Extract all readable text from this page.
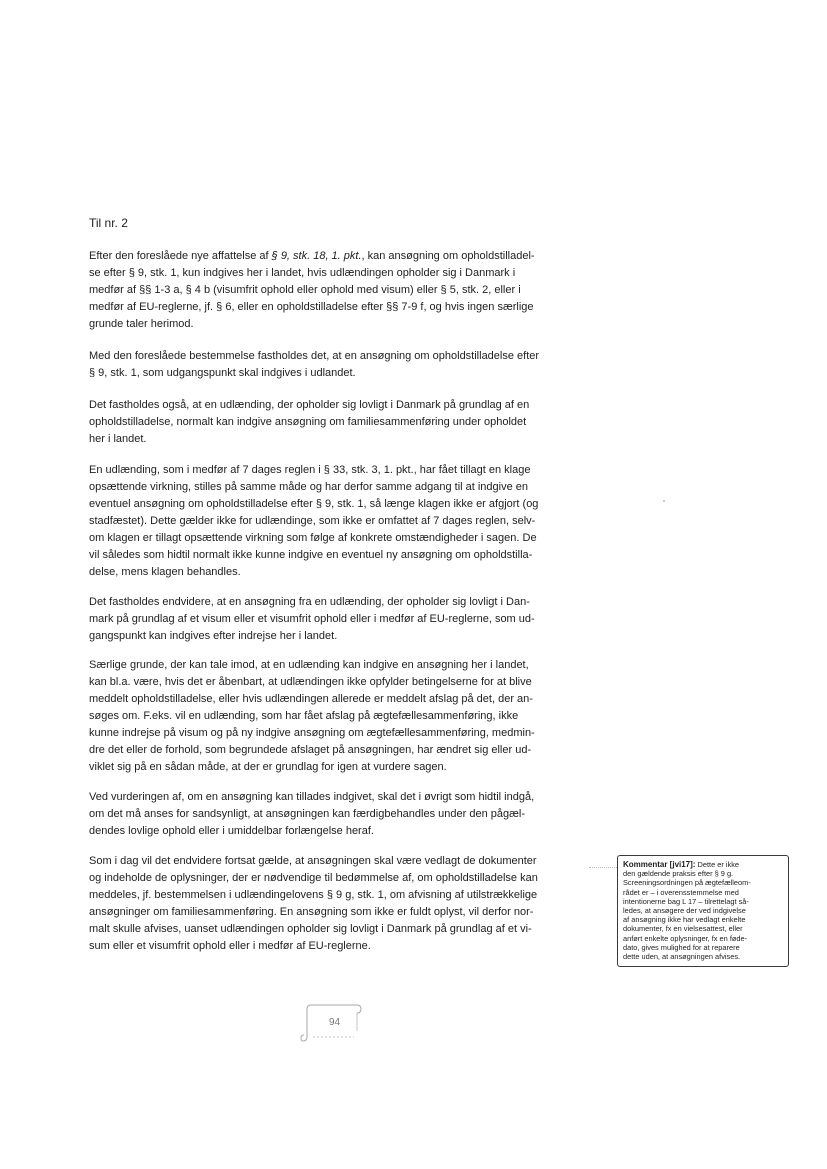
Til nr. 2

Efter den foreslåede nye affattelse af § 9, stk. 18, 1. pkt., kan ansøgning om opholdstilladel-
se efter § 9, stk. 1, kun indgives her i landet, hvis udlændingen opholder sig i Danmark i
medfør af §§ 1-3 a, § 4 b (visumfrit ophold eller ophold med visum) eller § 5, stk. 2, eller i
medfør af EU-reglerne, jf. § 6, eller en opholdstilladelse efter §§ 7-9 f, og hvis ingen særlige
grunde taler herimod.

Med den foreslåede bestemmelse fastholdes det, at en ansøgning om opholdstilladelse efter
§ 9, stk. 1, som udgangspunkt skal indgives i udlandet.

Det fastholdes også, at en udlænding, der opholder sig lovligt i Danmark på grundlag af en
opholdstilladelse, normalt kan indgive ansøgning om familiesammenføring under opholdet
her i landet.

En udlænding, som i medfør af 7 dages reglen i § 33, stk. 3, 1. pkt., har fået tillagt en klage
opsættende virkning, stilles på samme måde og har derfor samme adgang til at indgive en
eventuel ansøgning om opholdstilladelse efter § 9, stk. 1, så længe klagen ikke er afgjort (og
stadfæstet). Dette gælder ikke for udlændinge, som ikke er omfattet af 7 dages reglen, selv-
om klagen er tillagt opsættende virkning som følge af konkrete omstændigheder i sagen. De
vil således som hidtil normalt ikke kunne indgive en eventuel ny ansøgning om opholdstilla-
delse, mens klagen behandles.

Det fastholdes endvidere, at en ansøgning fra en udlænding, der opholder sig lovligt i Dan-
mark på grundlag af et visum eller et visumfrit ophold eller i medfør af EU-reglerne, som ud-
gangspunkt kan indgives efter indrejse her i landet.

Særlige grunde, der kan tale imod, at en udlænding kan indgive en ansøgning her i landet,
kan bl.a. være, hvis det er åbenbart, at udlændingen ikke opfylder betingelserne for at blive
meddelt opholdstilladelse, eller hvis udlændingen allerede er meddelt afslag på det, der an-
søges om. F.eks. vil en udlænding, som har fået afslag på ægtefællesammenføring, ikke
kunne indrejse på visum og på ny indgive ansøgning om ægtefællesammenføring, medmin-
dre det eller de forhold, som begrundede afslaget på ansøgningen, har ændret sig eller ud-
viklet sig på en sådan måde, at der er grundlag for igen at vurdere sagen.

Ved vurderingen af, om en ansøgning kan tillades indgivet, skal det i øvrigt som hidtil indgå,
om det må anses for sandsynligt, at ansøgningen kan færdigbehandles under den pågæl-
dendes lovlige ophold eller i umiddelbar forlængelse heraf.

Som i dag vil det endvidere fortsat gælde, at ansøgningen skal være vedlagt de dokumenter
og indeholde de oplysninger, der er nødvendige til bedømmelse af, om opholdstilladelse kan
meddeles, jf. bestemmelsen i udlændingelovens § 9 g, stk. 1, om afvisning af utilstrækkelige
ansøgninger om familiesammenføring. En ansøgning som ikke er fuldt oplyst, vil derfor nor-
malt skulle afvises, uanset udlændingen opholder sig lovligt i Danmark på grundlag af et vi-
sum eller et visumfrit ophold eller i medfør af EU-reglerne.

Kommentar [jvi17]: Dette er ikke
den gældende praksis efter § 9 g.
Screeningsordningen på ægtefælleom-
rådet er – i overensstemmelse med
intentionerne bag L 17 – tilrettelagt så-
ledes, at ansøgere der ved indgivelse
af ansøgning ikke har vedlagt enkelte
dokumenter, fx en vielsesattest, eller
anført enkelte oplysninger, fx en føde-
dato, gives mulighed for at reparere
dette uden, at ansøgningen afvises.
94
